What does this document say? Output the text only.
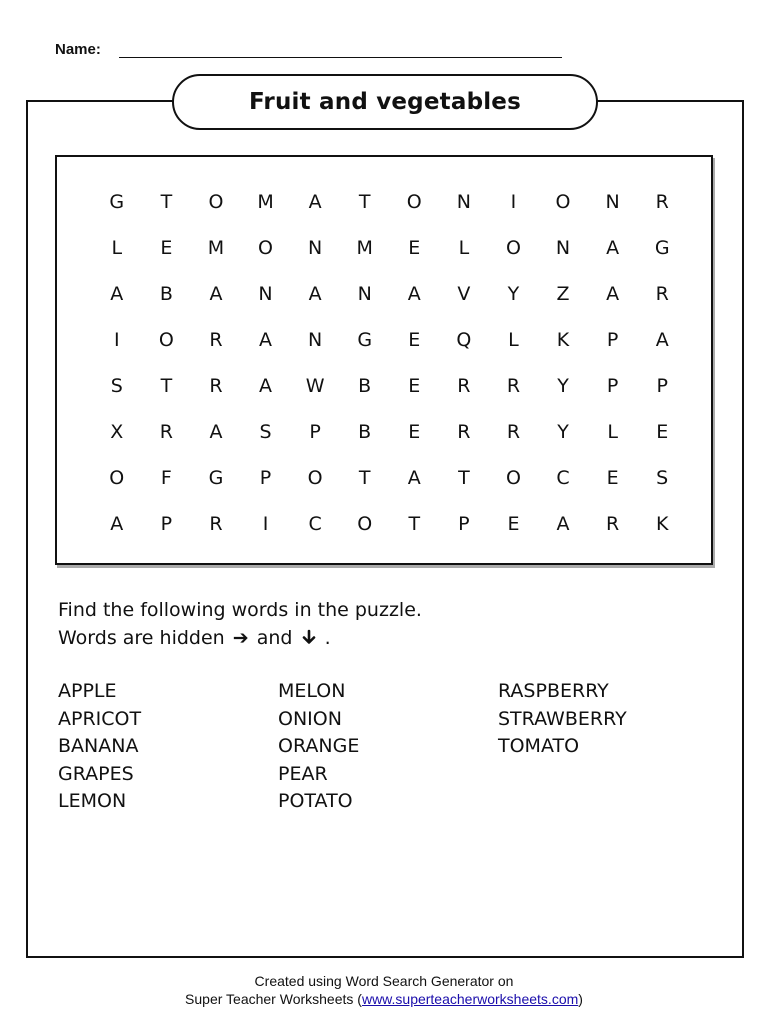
Name:
Fruit and vegetables
G	T	O	M	A	T	O	N	I	O	N	R
L	E	M	O	N	M	E	L	O	N	A	G
A	B	A	N	A	N	A	V	Y	Z	A	R
I	O	R	A	N	G	E	Q	L	K	P	A
S	T	R	A	W	B	E	R	R	Y	P	P
X	R	A	S	P	B	E	R	R	Y	L	E
O	F	G	P	O	T	A	T	O	C	E	S
A	P	R	I	C	O	T	P	E	A	R	K
Find the following words in the puzzle.
Words are hidden ➔ and .
APPLE
APRICOT
BANANA
GRAPES
LEMON
MELON
ONION
ORANGE
PEAR
POTATO
RASPBERRY
STRAWBERRY
TOMATO
Created using Word Search Generator on
Super Teacher Worksheets (www.superteacherworksheets.com)
